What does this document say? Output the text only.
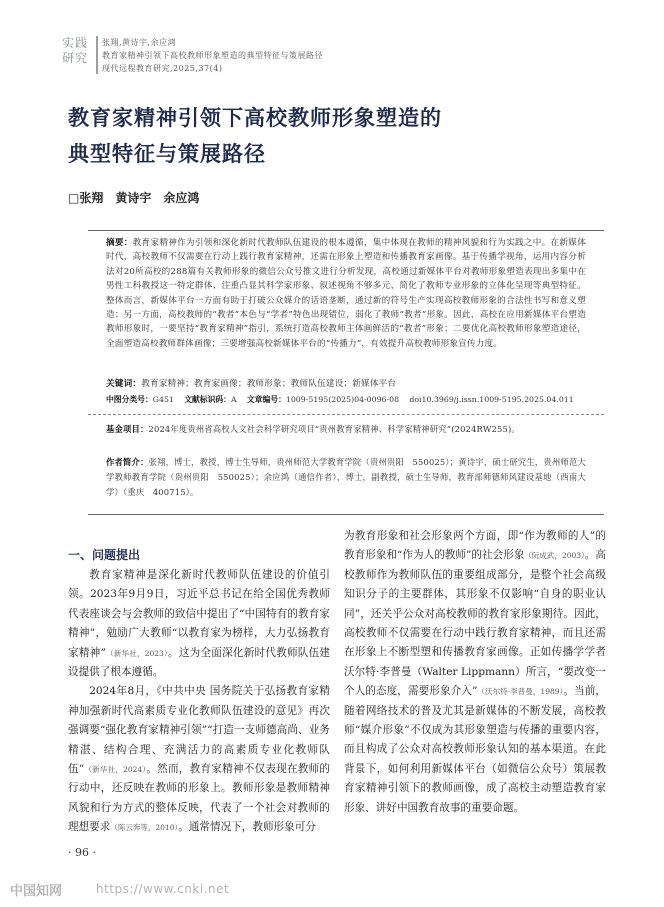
实践
研究
张翔,黄诗宇,余应鸿
教育家精神引领下高校教师形象塑造的典型特征与策展路径
现代远程教育研究,2025,37(4)
教育家精神引领下高校教师形象塑造的
典型特征与策展路径
□张翔　黄诗宇　余应鸿
摘要：教育家精神作为引领和深化新时代教师队伍建设的根本遵循，集中体现在教师的精神风貌和行为实践之中。在新媒体时代，高校教师不仅需要在行动上践行教育家精神，还需在形象上塑造和传播教育家画像。基于传播学视角，运用内容分析法对20所高校的288篇有关教师形象的微信公众号推文进行分析发现，高校通过新媒体平台对教师形象塑造表现出多集中在男性工科教授这一特定群体、注重凸显其科学家形象、叙述视角不够多元、简化了教师专业形象的立体化呈现等典型特征。整体而言，新媒体平台一方面有助于打破公众媒介的话语垄断，通过新的符号生产实现高校教师形象的合法性书写和意义塑造；另一方面，高校教师的“教者”本色与“学者”特色出现错位，弱化了教师“教者”形象。因此，高校在应用新媒体平台塑造教师形象时，一要坚持“教育家精神”指引，系统打造高校教师主体画鲜活的“教者”形象；二要优化高校教师形象塑造途径，全面塑造高校教师群体画像；三要增强高校新媒体平台的“传播力”，有效提升高校教师形象宣传力度。
关键词：教育家精神；教育家画像；教师形象；教师队伍建设；新媒体平台
中图分类号：G451　 文献标识码：A　 文章编号：1009-5195(2025)04-0096-08　 doi10.3969/j.issn.1009-5195.2025.04.011
基金项目：2024年度贵州省高校人文社会科学研究项目“贵州教育家精神、科学家精神研究”(2024RW255)。
作者简介：张翔，博士，教授，博士生导师，贵州师范大学教育学院（贵州贵阳　550025）；黄诗宇，硕士研究生，贵州师范大学教师教育学院（贵州贵阳　550025）；余应鸿（通信作者），博士，副教授，硕士生导师，教育部师德师风建设基地（西南大学）（重庆　400715）。
一、问题提出

教育家精神是深化新时代教师队伍建设的价值引领。2023年9月9日，习近平总书记在给全国优秀教师代表座谈会与会教师的致信中提出了“中国特有的教育家精神”，勉励广大教师“以教育家为榜样，大力弘扬教育家精神”（新华社，2023）。这为全面深化新时代教师队伍建设提供了根本遵循。

2024年8月，《中共中央 国务院关于弘扬教育家精神加强新时代高素质专业化教师队伍建设的意见》再次强调要“强化教育家精神引领”“打造一支师德高尚、业务精湛、结构合理、充满活力的高素质专业化教师队伍”（新华社，2024）。然而，教育家精神不仅表现在教师的行动中，还反映在教师的形象上。教师形象是教师精神风貌和行为方式的整体反映，代表了一个社会对教师的理想要求（陈云奔等，2010）。通常情况下，教师形象可分

为教育形象和社会形象两个方面，即“作为教师的人”的教育形象和“作为人的教师”的社会形象（阮成武，2003）。高校教师作为教师队伍的重要组成部分，是整个社会高级知识分子的主要群体，其形象不仅影响“自身的职业认同”，还关乎公众对高校教师的教育家形象期待。因此，高校教师不仅需要在行动中践行教育家精神，而且还需在形象上不断型塑和传播教育家画像。正如传播学学者沃尔特·李普曼（Walter Lippmann）所言，“要改变一个人的态度，需要形象介入”（沃尔特·李普曼，1989）。当前，随着网络技术的普及尤其是新媒体的不断发展，高校教师“媒介形象”不仅成为其形象塑造与传播的重要内容，而且构成了公众对高校教师形象认知的基本渠道。在此背景下，如何利用新媒体平台（如微信公众号）策展教育家精神引领下的教师画像，成了高校主动塑造教育家形象、讲好中国教育故事的重要命题。

· 96 ·
中国知网	https://www.cnki.net
